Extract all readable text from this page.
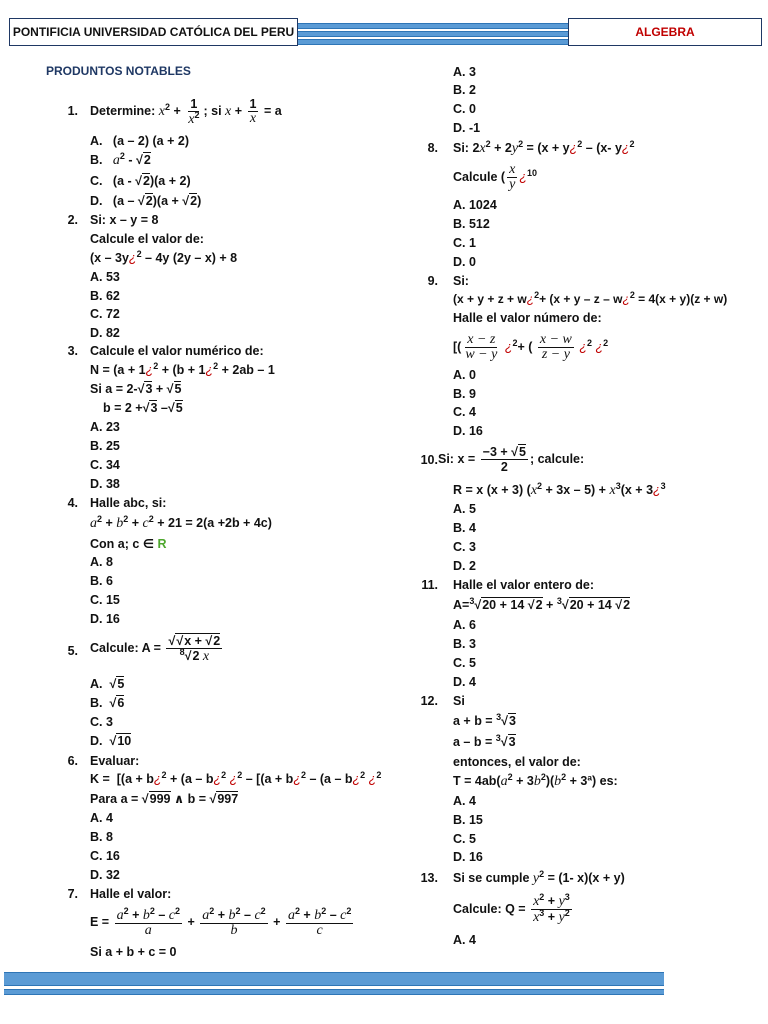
PONTIFICIA UNIVERSIDAD CATÓLICA DEL PERU	ALGEBRA
PRODUNTOS NOTABLES
1. Determine: $x^2 + \frac{1}{x^2}$ ; si $x + \frac{1}{x} = a$
A. (a – 2) (a + 2)
B. $a^2 - √2$
C.   (a - √2)(a + 2)
D.   (a – √2)(a + √2)
2. Si: x – y = 8
Calcule el valor de:
(x – 3y¿$^2$ – 4y (2y – x) + 8
A. 53
B. 62
C. 72
D. 82
3. Calcule el valor numérico de:
N = (a + 1¿$^2$ + (b + 1¿$^2$ + 2ab – 1
Si a = 2-√3 + √5
b = 2 +√3 –√5
A. 23
B. 25
C. 34
D. 38
4. Halle abc, si:
$a^2 + b^2 + c^2 + 21 = 2(a +2b + 4c)$
Con a; c ∈ R
A. 8
B. 6
C. 15
D. 16
5. Calcule: $A = \frac{√√x + √2}{^8√2 x}$
A.  √5
B.  √6
C. 3
D.  √10
6. Evaluar:
K =  [(a + b¿$^2$ + (a – b¿$^2$ ¿$^2$ – [(a + b¿$^2$ – (a – b¿$^2$ ¿$^2$
Para a = √999 ∧ b = √997
A. 4
B. 8
C. 16
D. 32
7. Halle el valor:
$E = \frac{a^2 + b^2 - c^2}{a} + \frac{a^2 + b^2 - c^2}{b} + \frac{a^2 + b^2 - c^2}{c}$
Si a + b + c = 0
A. 3
B. 2
C. 0
D. -1
8. Si: $2x^2 + 2y^2 = (x$ + y¿$^2$ – (x- y¿$^2$
Calcule ( $\frac{x}{y}$ ¿$^{10}$
A. 1024
B. 512
C. 1
D. 0
9. Si:
(x + y + z + w¿$^2$+ (x + y – z – w¿$^2$ = 4(x + y)(z + w)
Halle el valor número de:
[( $\frac{x - z}{w - y}$ ¿$^2$+ ( $\frac{x - w}{z - y}$ ¿$^2$ ¿$^2$
A. 0
B. 9
C. 4
D. 16
10. Si: $x = \frac{-3 + √5}{2}$ ; calcule:
R = x (x + 3) $(x^2 + 3x - 5) + x^3(x$ + 3¿$^3$
A. 5
B. 4
C. 3
D. 2
11. Halle el valor entero de:
A=$^3$√20 + 14 √2 + $^3$√20 + 14 √2
A. 6
B. 3
C. 5
D. 4
12. Si
a + b = $^3$√3
a – b = $^3$√3
entonces, el valor de:
$T = 4ab(a^2 + 3b^2)(b^2$ + 3ª) es:
A. 4
B. 15
C. 5
D. 16
13. Si se cumple $y^2 = (1-$ x)(x + y)
Calcule: $Q = \frac{x^2 + y^3}{x^3 + y^2}$
A. 4
